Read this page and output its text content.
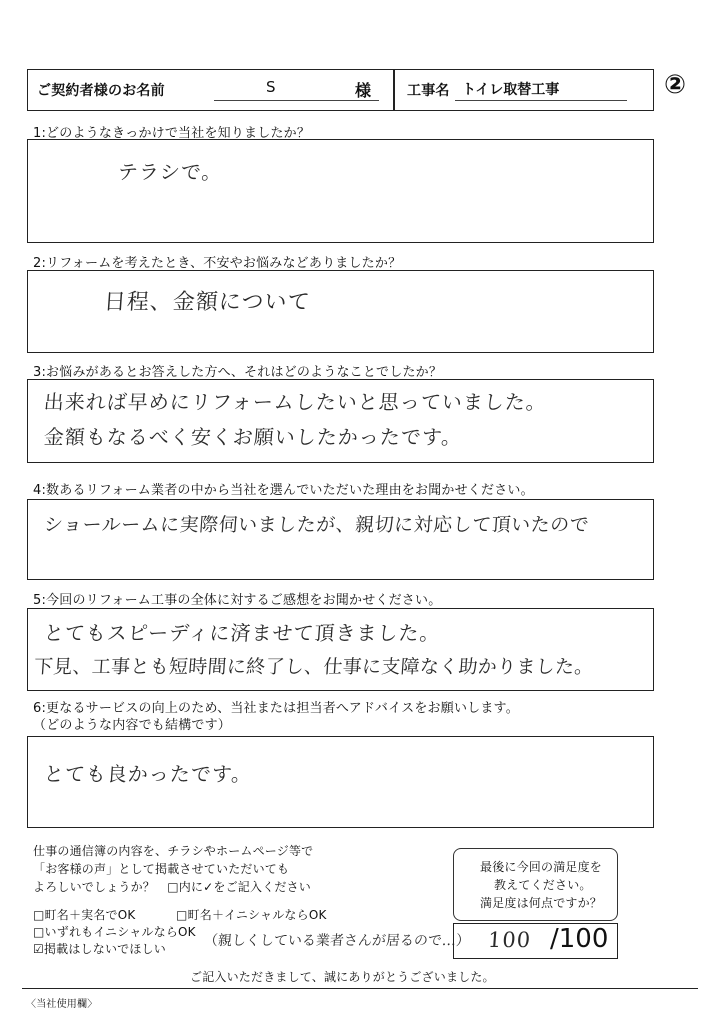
ご契約者様のお名前	S	様	工事名 トイレ取替工事	②
1:どのようなきっかけで当社を知りましたか？
テラシで。
2:リフォームを考えたとき、不安やお悩みなどありましたか？
日程、金額について
3:お悩みがあるとお答えした方へ、それはどのようなことでしたか？
出来れば早めにリフォームしたいと思っていました。
金額もなるべく安くお願いしたかったです。
4:数あるリフォーム業者の中から当社を選んでいただいた理由をお聞かせください。
ショールームに実際伺いましたが、親切に対応して頂いたので
5:今回のリフォーム工事の全体に対するご感想をお聞かせください。
とてもスピーディに済ませて頂きました。
下見、工事とも短時間に終了し、仕事に支障なく助かりました。
6:更なるサービスの向上のため、当社または担当者へアドバイスをお願いします。
（どのような内容でも結構です）
とても良かったです。
仕事の通信簿の内容を、チラシやホームページ等で
「お客様の声」として掲載させていただいても
よろしいでしょうか？　□内に✓をご記入ください
□町名＋実名でOK	□町名＋イニシャルならOK
□いずれもイニシャルならOK
☑掲載はしないでほしい	（親しくしている業者さんが居るので…）
最後に今回の満足度を
教えてください。
満足度は何点ですか？
100 /100
ご記入いただきまして、誠にありがとうございました。
〈当社使用欄〉
